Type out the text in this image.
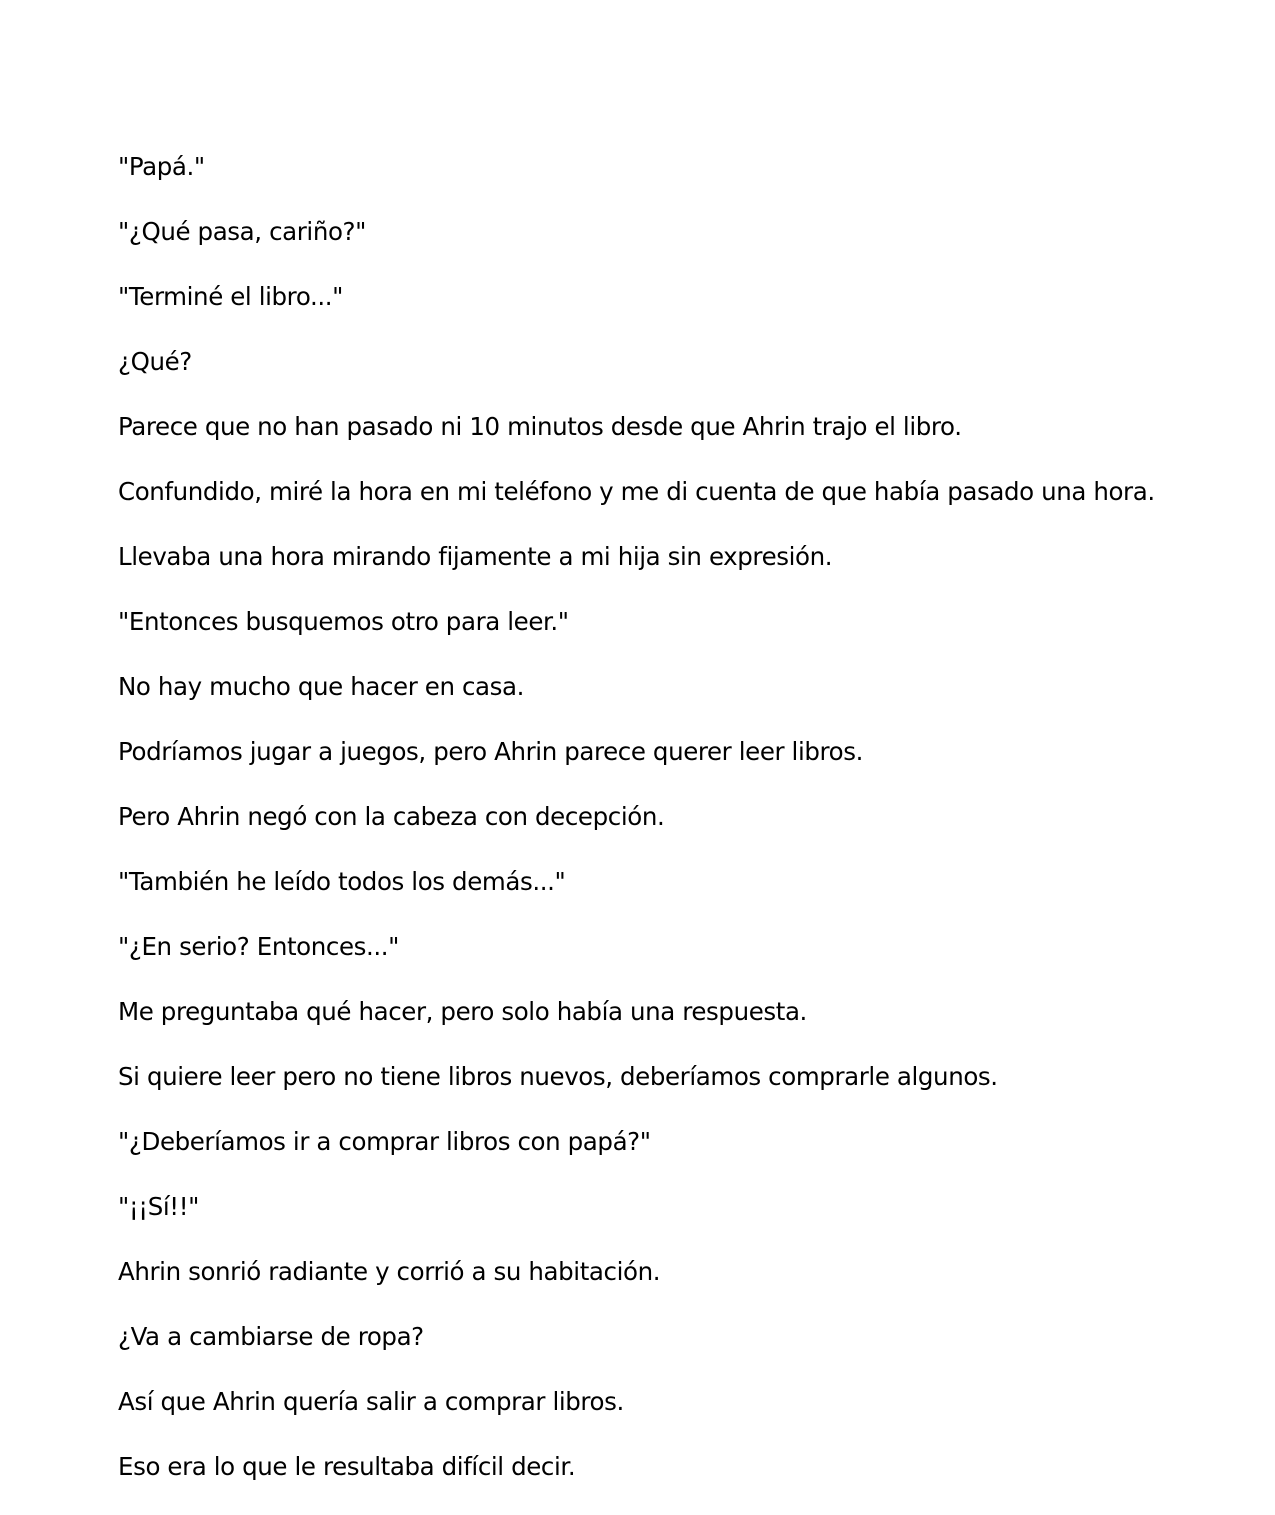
"Papá."

"¿Qué pasa, cariño?"

"Terminé el libro..."

¿Qué?

Parece que no han pasado ni 10 minutos desde que Ahrin trajo el libro.

Confundido, miré la hora en mi teléfono y me di cuenta de que había pasado una hora.

Llevaba una hora mirando fijamente a mi hija sin expresión.

"Entonces busquemos otro para leer."

No hay mucho que hacer en casa.

Podríamos jugar a juegos, pero Ahrin parece querer leer libros.

Pero Ahrin negó con la cabeza con decepción.

"También he leído todos los demás..."

"¿En serio? Entonces..."

Me preguntaba qué hacer, pero solo había una respuesta.

Si quiere leer pero no tiene libros nuevos, deberíamos comprarle algunos.

"¿Deberíamos ir a comprar libros con papá?"

"¡¡Sí!!"

Ahrin sonrió radiante y corrió a su habitación.

¿Va a cambiarse de ropa?

Así que Ahrin quería salir a comprar libros.

Eso era lo que le resultaba difícil decir.
